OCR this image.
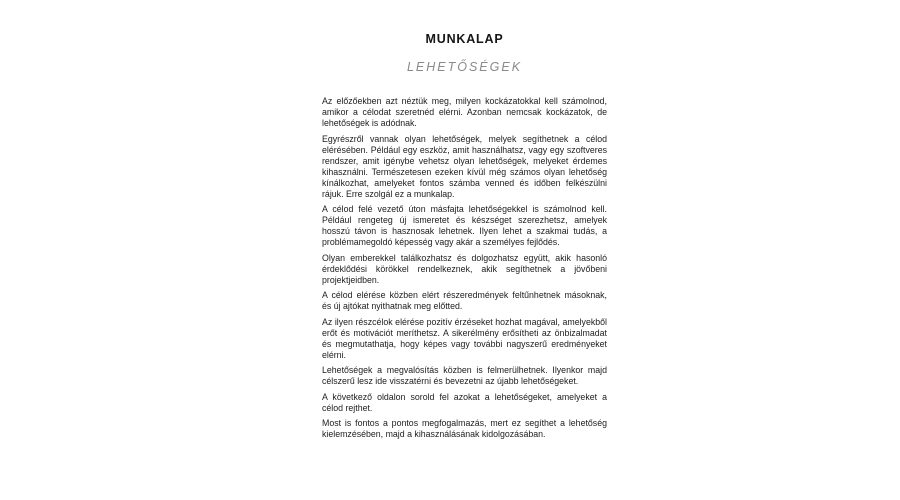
MUNKALAP
LEHETŐSÉGEK

Az előzőekben azt néztük meg, milyen kockázatokkal kell számolnod, amikor a célodat szeretnéd elérni. Azonban nemcsak kockázatok, de lehetőségek is adódnak.

Egyrészről vannak olyan lehetőségek, melyek segíthetnek a célod elérésében. Például egy eszköz, amit használhatsz, vagy egy szoftveres rendszer, amit igénybe vehetsz olyan lehetőségek, melyeket érdemes kihasználni. Természetesen ezeken kívül még számos olyan lehetőség kínálkozhat, amelyeket fontos számba venned és időben felkészülni rájuk. Erre szolgál ez a munkalap.

A célod felé vezető úton másfajta lehetőségekkel is számolnod kell. Például rengeteg új ismeretet és készséget szerezhetsz, amelyek hosszú távon is hasznosak lehetnek. Ilyen lehet a szakmai tudás, a problémamegoldó képesség vagy akár a személyes fejlődés.

Olyan emberekkel találkozhatsz és dolgozhatsz együtt, akik hasonló érdeklődési körökkel rendelkeznek, akik segíthetnek a jövőbeni projektjeidben.

A célod elérése közben elért részeredmények feltűnhetnek másoknak, és új ajtókat nyithatnak meg előtted.

Az ilyen részcélok elérése pozitív érzéseket hozhat magával, amelyekből erőt és motivációt meríthetsz. A sikerélmény erősítheti az önbizalmadat és megmutathatja, hogy képes vagy további nagyszerű eredményeket elérni.

Lehetőségek a megvalósítás közben is felmerülhetnek. Ilyenkor majd célszerű lesz ide visszatérni és bevezetni az újabb lehetőségeket.

A következő oldalon sorold fel azokat a lehetőségeket, amelyeket a célod rejthet.

Most is fontos a pontos megfogalmazás, mert ez segíthet a lehetőség kielemzésében, majd a kihasználásának kidolgozásában.
